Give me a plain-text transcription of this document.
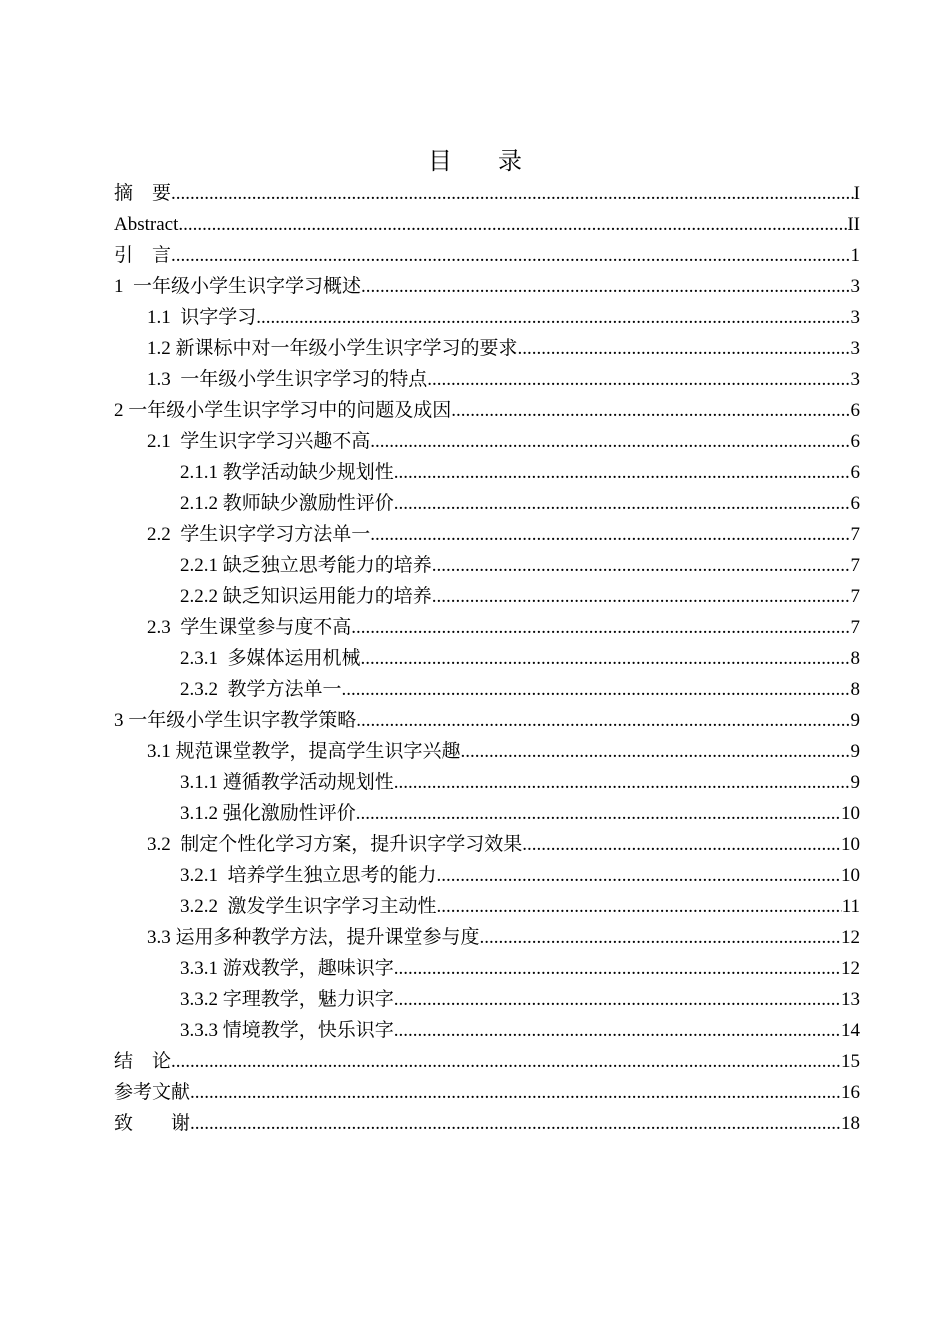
目 录
摘    要 .....	I
Abstract .....	II
引    言 .....	1
1  一年级小学生识字学习概述 .....	3
1.1  识字学习 .....	3
1.2 新课标中对一年级小学生识字学习的要求 .....	3
1.3  一年级小学生识字学习的特点 .....	3
2 一年级小学生识字学习中的问题及成因 .....	6
2.1  学生识字学习兴趣不高 .....	6
2.1.1 教学活动缺少规划性 .....	6
2.1.2 教师缺少激励性评价 .....	6
2.2  学生识字学习方法单一 .....	7
2.2.1 缺乏独立思考能力的培养 .....	7
2.2.2 缺乏知识运用能力的培养 .....	7
2.3  学生课堂参与度不高 .....	7
2.3.1  多媒体运用机械 .....	8
2.3.2  教学方法单一 .....	8
3 一年级小学生识字教学策略 .....	9
3.1 规范课堂教学，提高学生识字兴趣 .....	9
3.1.1 遵循教学活动规划性 .....	9
3.1.2 强化激励性评价 .....	10
3.2  制定个性化学习方案，提升识字学习效果 .....	10
3.2.1  培养学生独立思考的能力 .....	10
3.2.2  激发学生识字学习主动性 .....	11
3.3 运用多种教学方法，提升课堂参与度 .....	12
3.3.1 游戏教学，趣味识字 .....	12
3.3.2 字理教学，魅力识字 .....	13
3.3.3 情境教学，快乐识字 .....	14
结    论 .....	15
参考文献 .....	16
致        谢 .....	18
